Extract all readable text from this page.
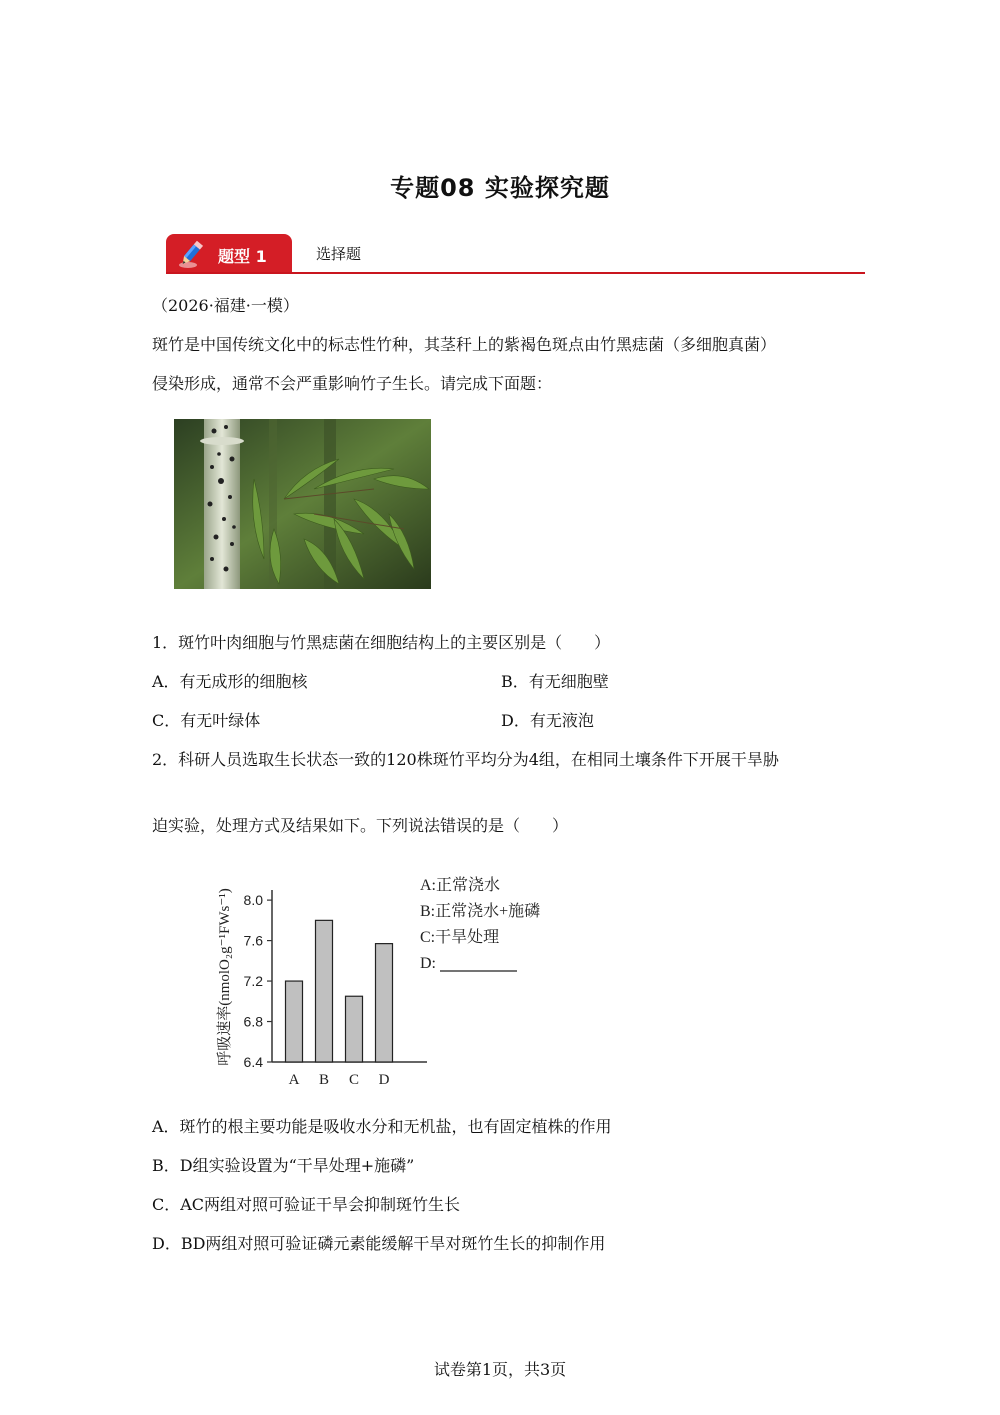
专题08 实验探究题
题型 1	选择题
（2026·福建·一模）
斑竹是中国传统文化中的标志性竹种，其茎秆上的紫褐色斑点由竹黑痣菌（多细胞真菌）
侵染形成，通常不会严重影响竹子生长。请完成下面题：
1．斑竹叶肉细胞与竹黑痣菌在细胞结构上的主要区别是（　　）
A．有无成形的细胞核	B．有无细胞壁
C．有无叶绿体	D．有无液泡
2．科研人员选取生长状态一致的120株斑竹平均分为4组，在相同土壤条件下开展干旱胁
迫实验，处理方式及结果如下。下列说法错误的是（　　）
呼吸速率(nmolO₂g⁻¹FWs⁻¹) 6.4
6.8
7.2
7.6
8.0
A B C D
A:正常浇水
B:正常浇水+施磷
C:干旱处理
D:
A．斑竹的根主要功能是吸收水分和无机盐，也有固定植株的作用
B．D组实验设置为“干旱处理+施磷”
C．AC两组对照可验证干旱会抑制斑竹生长
D．BD两组对照可验证磷元素能缓解干旱对斑竹生长的抑制作用
试卷第1页，共3页
